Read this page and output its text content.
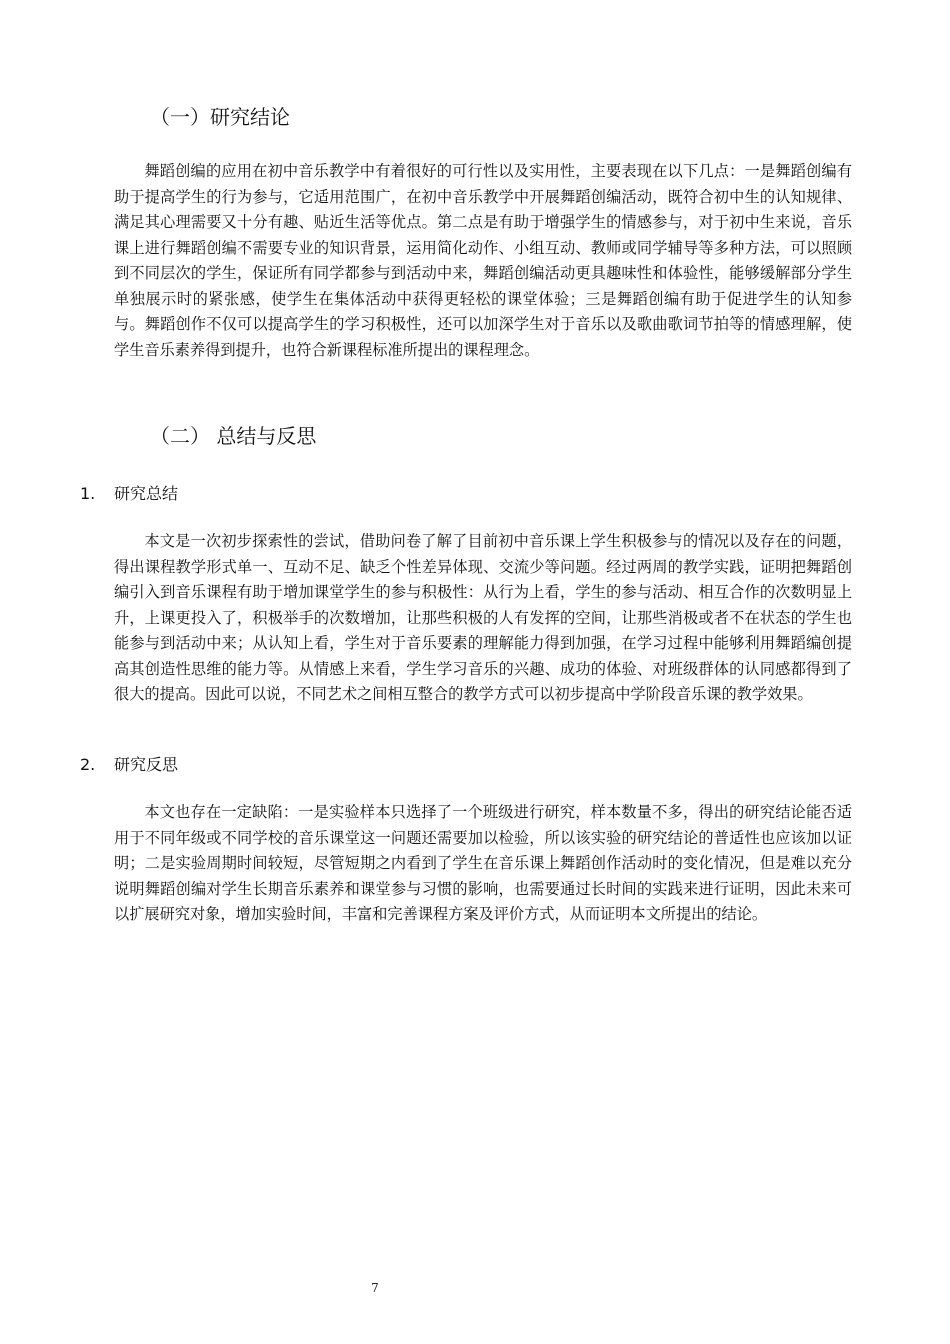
（一）研究结论

舞蹈创编的应用在初中音乐教学中有着很好的可行性以及实用性，主要表现在以下几点：一是舞蹈创编有助于提高学生的行为参与，它适用范围广，在初中音乐教学中开展舞蹈创编活动，既符合初中生的认知规律、满足其心理需要又十分有趣、贴近生活等优点。第二点是有助于增强学生的情感参与，对于初中生来说，音乐课上进行舞蹈创编不需要专业的知识背景，运用简化动作、小组互动、教师或同学辅导等多种方法，可以照顾到不同层次的学生，保证所有同学都参与到活动中来，舞蹈创编活动更具趣味性和体验性，能够缓解部分学生单独展示时的紧张感，使学生在集体活动中获得更轻松的课堂体验；三是舞蹈创编有助于促进学生的认知参与。舞蹈创作不仅可以提高学生的学习积极性，还可以加深学生对于音乐以及歌曲歌词节拍等的情感理解，使学生音乐素养得到提升，也符合新课程标准所提出的课程理念。

（二） 总结与反思
1. 研究总结

本文是一次初步探索性的尝试，借助问卷了解了目前初中音乐课上学生积极参与的情况以及存在的问题，得出课程教学形式单一、互动不足、缺乏个性差异体现、交流少等问题。经过两周的教学实践，证明把舞蹈创编引入到音乐课程有助于增加课堂学生的参与积极性：从行为上看，学生的参与活动、相互合作的次数明显上升，上课更投入了，积极举手的次数增加，让那些积极的人有发挥的空间，让那些消极或者不在状态的学生也能参与到活动中来；从认知上看，学生对于音乐要素的理解能力得到加强，在学习过程中能够利用舞蹈编创提高其创造性思维的能力等。从情感上来看，学生学习音乐的兴趣、成功的体验、对班级群体的认同感都得到了很大的提高。因此可以说，不同艺术之间相互整合的教学方式可以初步提高中学阶段音乐课的教学效果。

2. 研究反思

本文也存在一定缺陷：一是实验样本只选择了一个班级进行研究，样本数量不多，得出的研究结论能否适用于不同年级或不同学校的音乐课堂这一问题还需要加以检验，所以该实验的研究结论的普适性也应该加以证明；二是实验周期时间较短，尽管短期之内看到了学生在音乐课上舞蹈创作活动时的变化情况，但是难以充分说明舞蹈创编对学生长期音乐素养和课堂参与习惯的影响，也需要通过长时间的实践来进行证明，因此未来可以扩展研究对象，增加实验时间，丰富和完善课程方案及评价方式，从而证明本文所提出的结论。

7
